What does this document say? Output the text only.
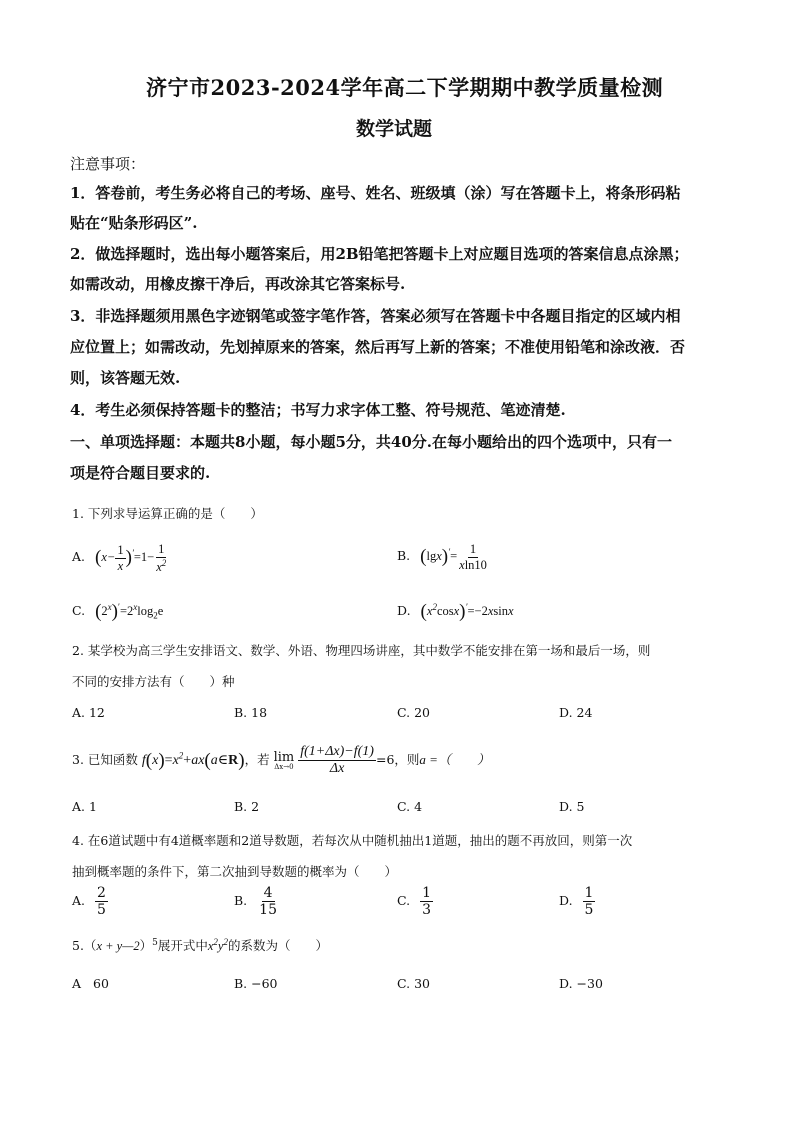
济宁市2023-2024学年高二下学期期中教学质量检测
数学试题
注意事项：
1．答卷前，考生务必将自己的考场、座号、姓名、班级填（涂）写在答题卡上，将条形码粘
贴在“贴条形码区”.
2．做选择题时，选出每小题答案后，用2B铅笔把答题卡上对应题目选项的答案信息点涂黑；
如需改动，用橡皮擦干净后，再改涂其它答案标号.
3．非选择题须用黑色字迹钢笔或签字笔作答，答案必须写在答题卡中各题目指定的区域内相
应位置上；如需改动，先划掉原来的答案，然后再写上新的答案；不准使用铅笔和涂改液．否
则，该答题无效.
4．考生必须保持答题卡的整洁；书写力求字体工整、符号规范、笔迹清楚.
一、单项选择题：本题共8小题，每小题5分，共40分.在每小题给出的四个选项中，只有一
项是符合题目要求的.
1. 下列求导运算正确的是（　　）
A. $(x- \frac{1}{x} )'=1- \frac{1}{x^2}$	B. $(\lg x)'= \frac{1}{xln10}$
C. $(2^x)'=2^x\log_2e$	D. $(x^2\cos x)'=-2xsinx$
2. 某学校为高三学生安排语文、数学、外语、物理四场讲座，其中数学不能安排在第一场和最后一场，则
不同的安排方法有（　　）种
A. 12	B. 18	C. 20	D. 24
3. 已知函数 $f(x)=x^2+ax(a\in R)$，若 lim
Δx→0
$\frac{f(1+\Delta x)-f(1)}{\Delta x} =6$，则a =（　　）
A. 1	B. 2	C. 4	D. 5
4. 在6道试题中有4道概率题和2道导数题，若每次从中随机抽出1道题，抽出的题不再放回，则第一次
抽到概率题的条件下，第二次抽到导数题的概率为（　　）
A. $\frac{2}{5}$	B. $\frac{4}{15}$	C. $\frac{1}{3}$	D. $\frac{1}{5}$
5.（x + y—2）$^5$展开式中$x^2y^2$的系数为（　　）
A 60	B. −60	C. 30	D. −30
